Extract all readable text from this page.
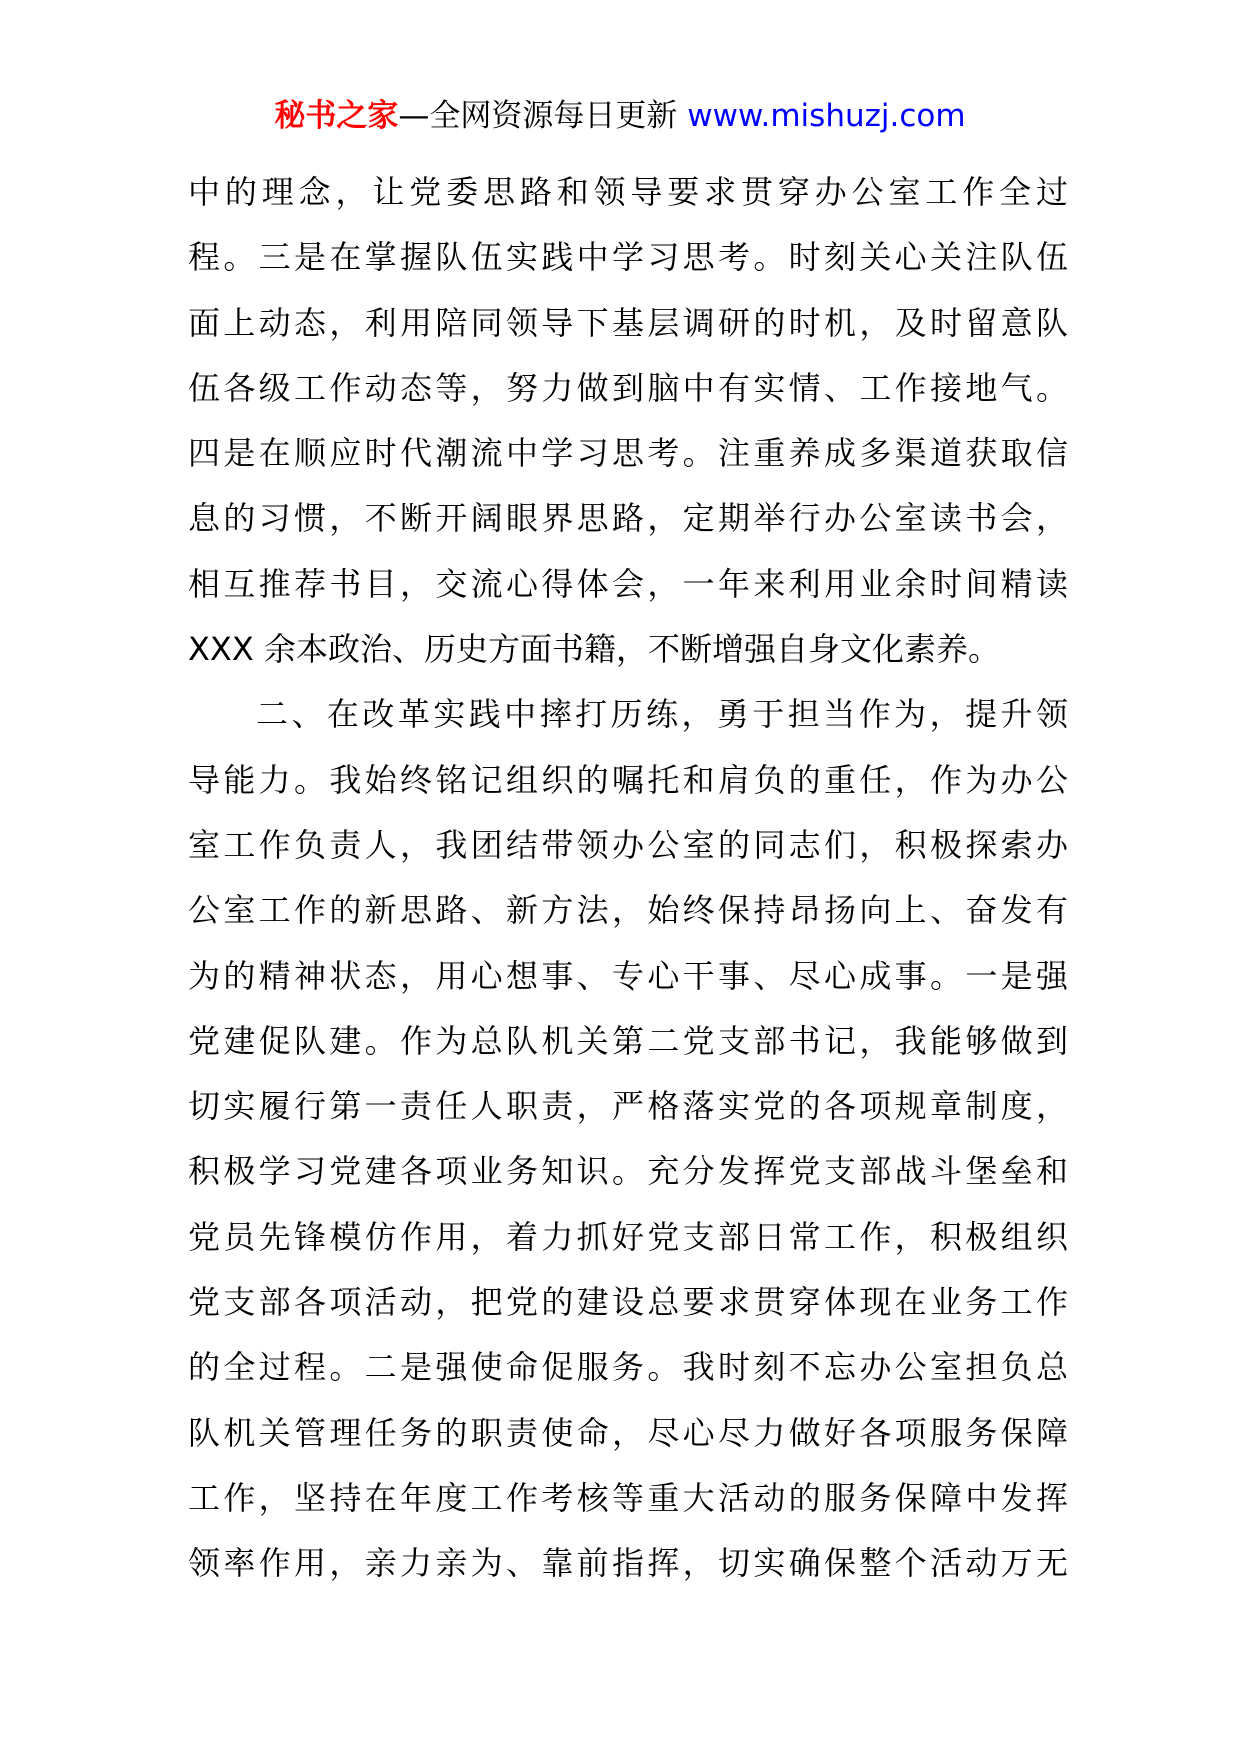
秘书之家—全网资源每日更新 www.mishuzj.com
中的理念，让党委思路和领导要求贯穿办公室工作全过
程。三是在掌握队伍实践中学习思考。时刻关心关注队伍
面上动态，利用陪同领导下基层调研的时机，及时留意队
伍各级工作动态等，努力做到脑中有实情、工作接地气。
四是在顺应时代潮流中学习思考。注重养成多渠道获取信
息的习惯，不断开阔眼界思路，定期举行办公室读书会，
相互推荐书目，交流心得体会，一年来利用业余时间精读
XXX 余本政治、历史方面书籍，不断增强自身文化素养。
二、在改革实践中摔打历练，勇于担当作为，提升领
导能力。我始终铭记组织的嘱托和肩负的重任，作为办公
室工作负责人，我团结带领办公室的同志们，积极探索办
公室工作的新思路、新方法，始终保持昂扬向上、奋发有
为的精神状态，用心想事、专心干事、尽心成事。一是强
党建促队建。作为总队机关第二党支部书记，我能够做到
切实履行第一责任人职责，严格落实党的各项规章制度，
积极学习党建各项业务知识。充分发挥党支部战斗堡垒和
党员先锋模仿作用，着力抓好党支部日常工作，积极组织
党支部各项活动，把党的建设总要求贯穿体现在业务工作
的全过程。二是强使命促服务。我时刻不忘办公室担负总
队机关管理任务的职责使命，尽心尽力做好各项服务保障
工作，坚持在年度工作考核等重大活动的服务保障中发挥
领率作用，亲力亲为、靠前指挥，切实确保整个活动万无
